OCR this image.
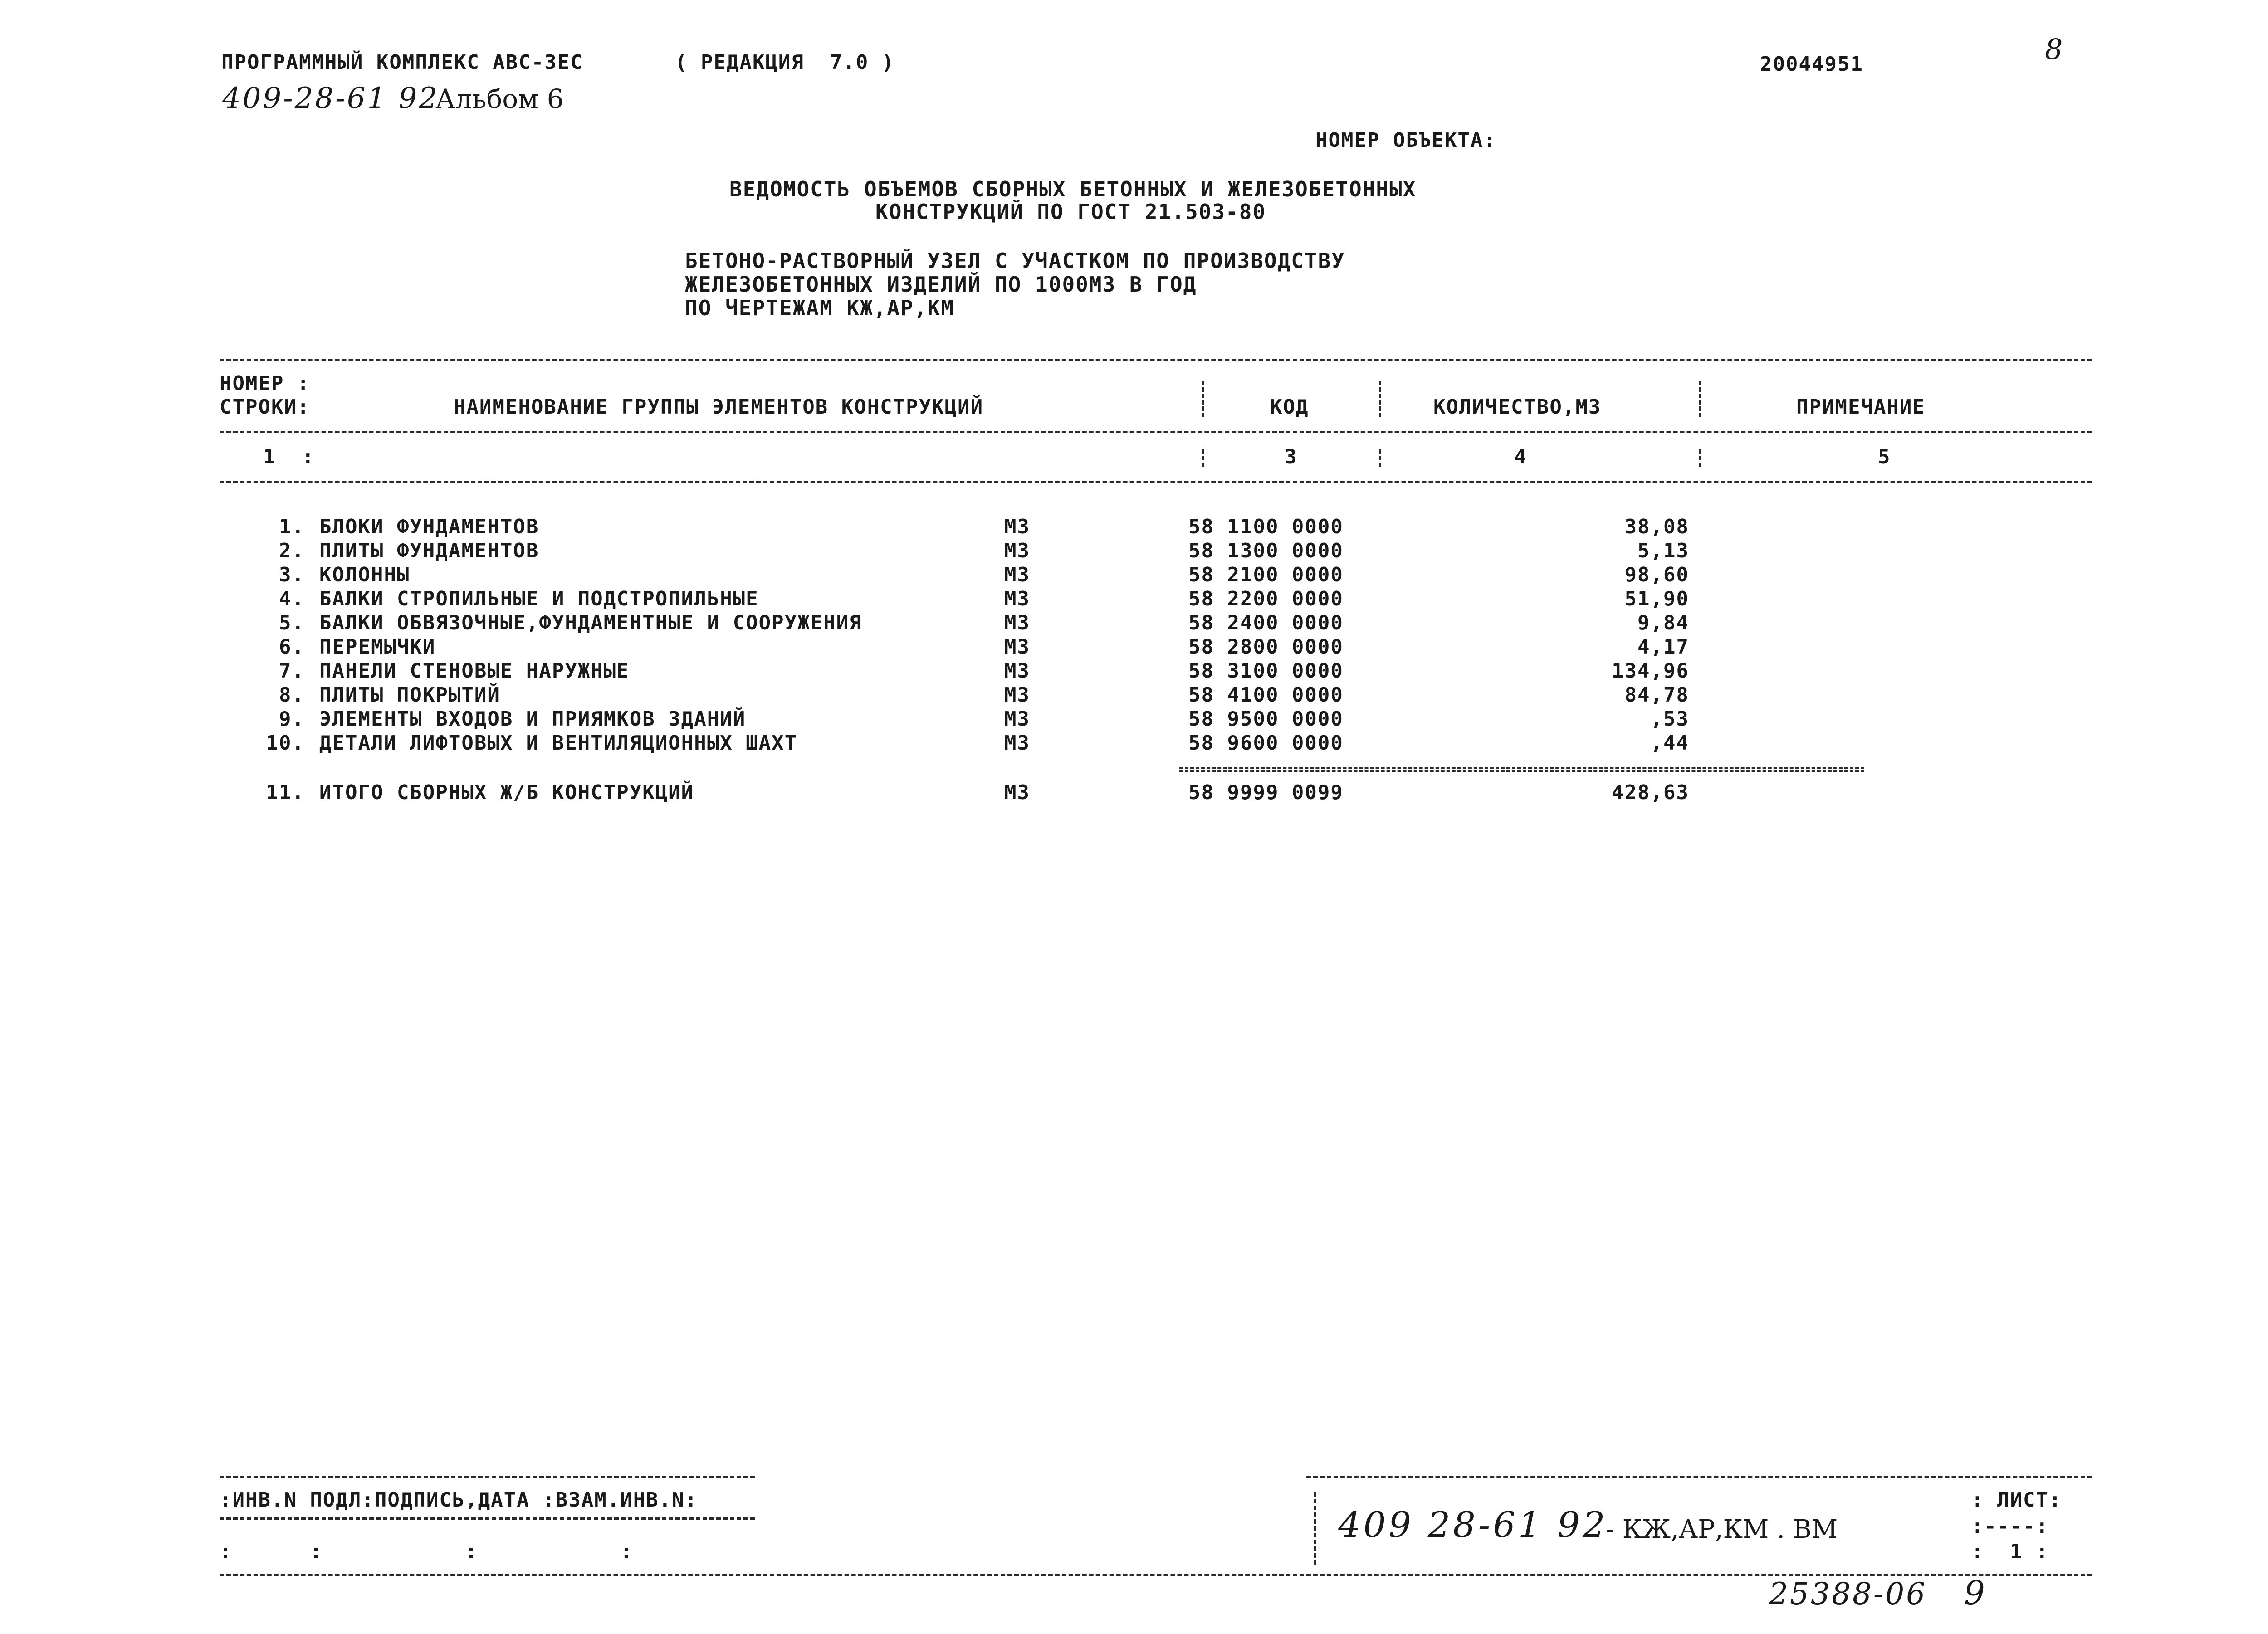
ПРОГРАММНЫЙ КОМПЛЕКС АВС-3ЕС	( РЕДАКЦИЯ  7.0 )	20044951	8
409-28-61 92
Альбом 6
НОМЕР ОБЪЕКТА:
ВЕДОМОСТЬ ОБЪЕМОВ СБОРНЫХ БЕТОННЫХ И ЖЕЛЕЗОБЕТОННЫХ
КОНСТРУКЦИЙ ПО ГОСТ 21.503-80
БЕТОНО-РАСТВОРНЫЙ УЗЕЛ С УЧАСТКОМ ПО ПРОИЗВОДСТВУ
ЖЕЛЕЗОБЕТОННЫХ ИЗДЕЛИЙ ПО 1000М3 В ГОД
ПО ЧЕРТЕЖАМ КЖ,АР,КМ
НОМЕР :
СТРОКИ:	НАИМЕНОВАНИЕ ГРУППЫ ЭЛЕМЕНТОВ КОНСТРУКЦИЙ	КОД	КОЛИЧЕСТВО,М3	ПРИМЕЧАНИЕ
1  :	3	4	5
1. БЛОКИ ФУНДАМЕНТОВ	М3	58 1100 0000	38,08
2. ПЛИТЫ ФУНДАМЕНТОВ	М3	58 1300 0000	5,13
3. КОЛОННЫ	М3	58 2100 0000	98,60
4. БАЛКИ СТРОПИЛЬНЫЕ И ПОДСТРОПИЛЬНЫЕ	М3	58 2200 0000	51,90
5. БАЛКИ ОБВЯЗОЧНЫЕ,ФУНДАМЕНТНЫЕ И СООРУЖЕНИЯ	М3	58 2400 0000	9,84
6. ПЕРЕМЫЧКИ	М3	58 2800 0000	4,17
7. ПАНЕЛИ СТЕНОВЫЕ НАРУЖНЫЕ	М3	58 3100 0000	134,96
8. ПЛИТЫ ПОКРЫТИЙ	М3	58 4100 0000	84,78
9. ЭЛЕМЕНТЫ ВХОДОВ И ПРИЯМКОВ ЗДАНИЙ	М3	58 9500 0000	,53
10. ДЕТАЛИ ЛИФТОВЫХ И ВЕНТИЛЯЦИОННЫХ ШАХТ	М3	58 9600 0000	,44
11. ИТОГО СБОРНЫХ Ж/Б КОНСТРУКЦИЙ	М3	58 9999 0099	428,63
:ИНВ.N ПОДЛ:ПОДПИСЬ,ДАТА :ВЗАМ.ИНВ.N:
:      :           :           :
409 28-61 92
- КЖ,АР,КМ . ВМ
: ЛИСТ:
:----:
:  1 :
25388-06 9
